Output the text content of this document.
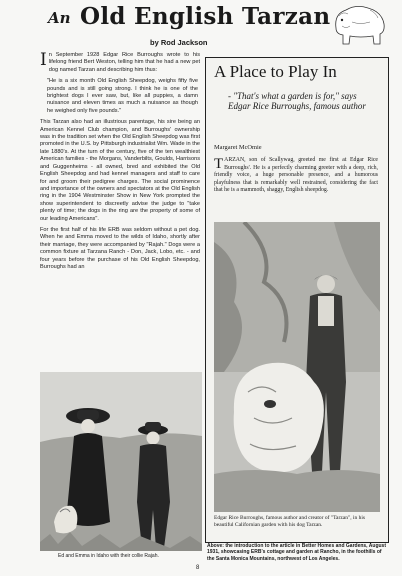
An Old English Tarzan
by Rod Jackson

In September 1928 Edgar Rice Burroughs wrote to his lifelong friend Bert Weston, telling him that he had a new pet dog named Tarzan and describing him thus:

"He is a six month Old English Sheepdog, weighs fifty five pounds and is still going strong. I think he is one of the brightest dogs I ever saw, but, like all puppies, a damn nuisance and eleven times as much a nuisance as though he weighed only five pounds."

This Tarzan also had an illustrious parentage, his sire being an American Kennel Club champion, and Burroughs' ownership was in the tradition set when the Old English Sheepdog was first promoted in the U.S. by Pittsburgh industrialist Wm. Wade in the late 1880's. At the turn of the century, five of the ten wealthiest American families - the Morgans, Vanderbilts, Goulds, Harrisons and Guggenheims - all owned, bred and exhibited the Old English Sheepdog and had kennel managers and staff to care for and groom their pedigree charges. The social prominence and importance of the owners and spectators at the Old English ring in the 1904 Westminster Show in New York prompted the show superintendent to discreetly advise the judge to "take plenty of time; the dogs in the ring are the property of some of our leading Americans".

For the first half of his life ERB was seldom without a pet dog. When he and Emma moved to the wilds of Idaho, shortly after their marriage, they were accompanied by "Rajah." Dogs were a common fixture at Tarzana Ranch - Don, Jack, Lobo, etc. - and four years before the purchase of his Old English Sheepdog, Burroughs had an

Ed and Emma in Idaho with their collie Rajah.
A Place to Play In
- "That's what a garden is for," says Edgar Rice Burroughs, famous author
Margaret McOmie
TARZAN, son of Scallywag, greeted me first at Edgar Rice Burroughs'. He is a perfectly charming greeter with a deep, rich, friendly voice, a huge personable presence, and a humorous playfulness that is remarkably well restrained, considering the fact that he is a mammoth, shaggy, English sheepdog.
Edgar Rice Burroughs, famous author and creator of "Tarzan", in his beautiful Californian garden with his dog Tarzan.
Above: the introduction to the article in Better Homes and Gardens, August 1931, showcasing ERB's cottage and garden at Rancho, in the foothills of the Santa Monica Mountains, northwest of Los Angeles.
8
